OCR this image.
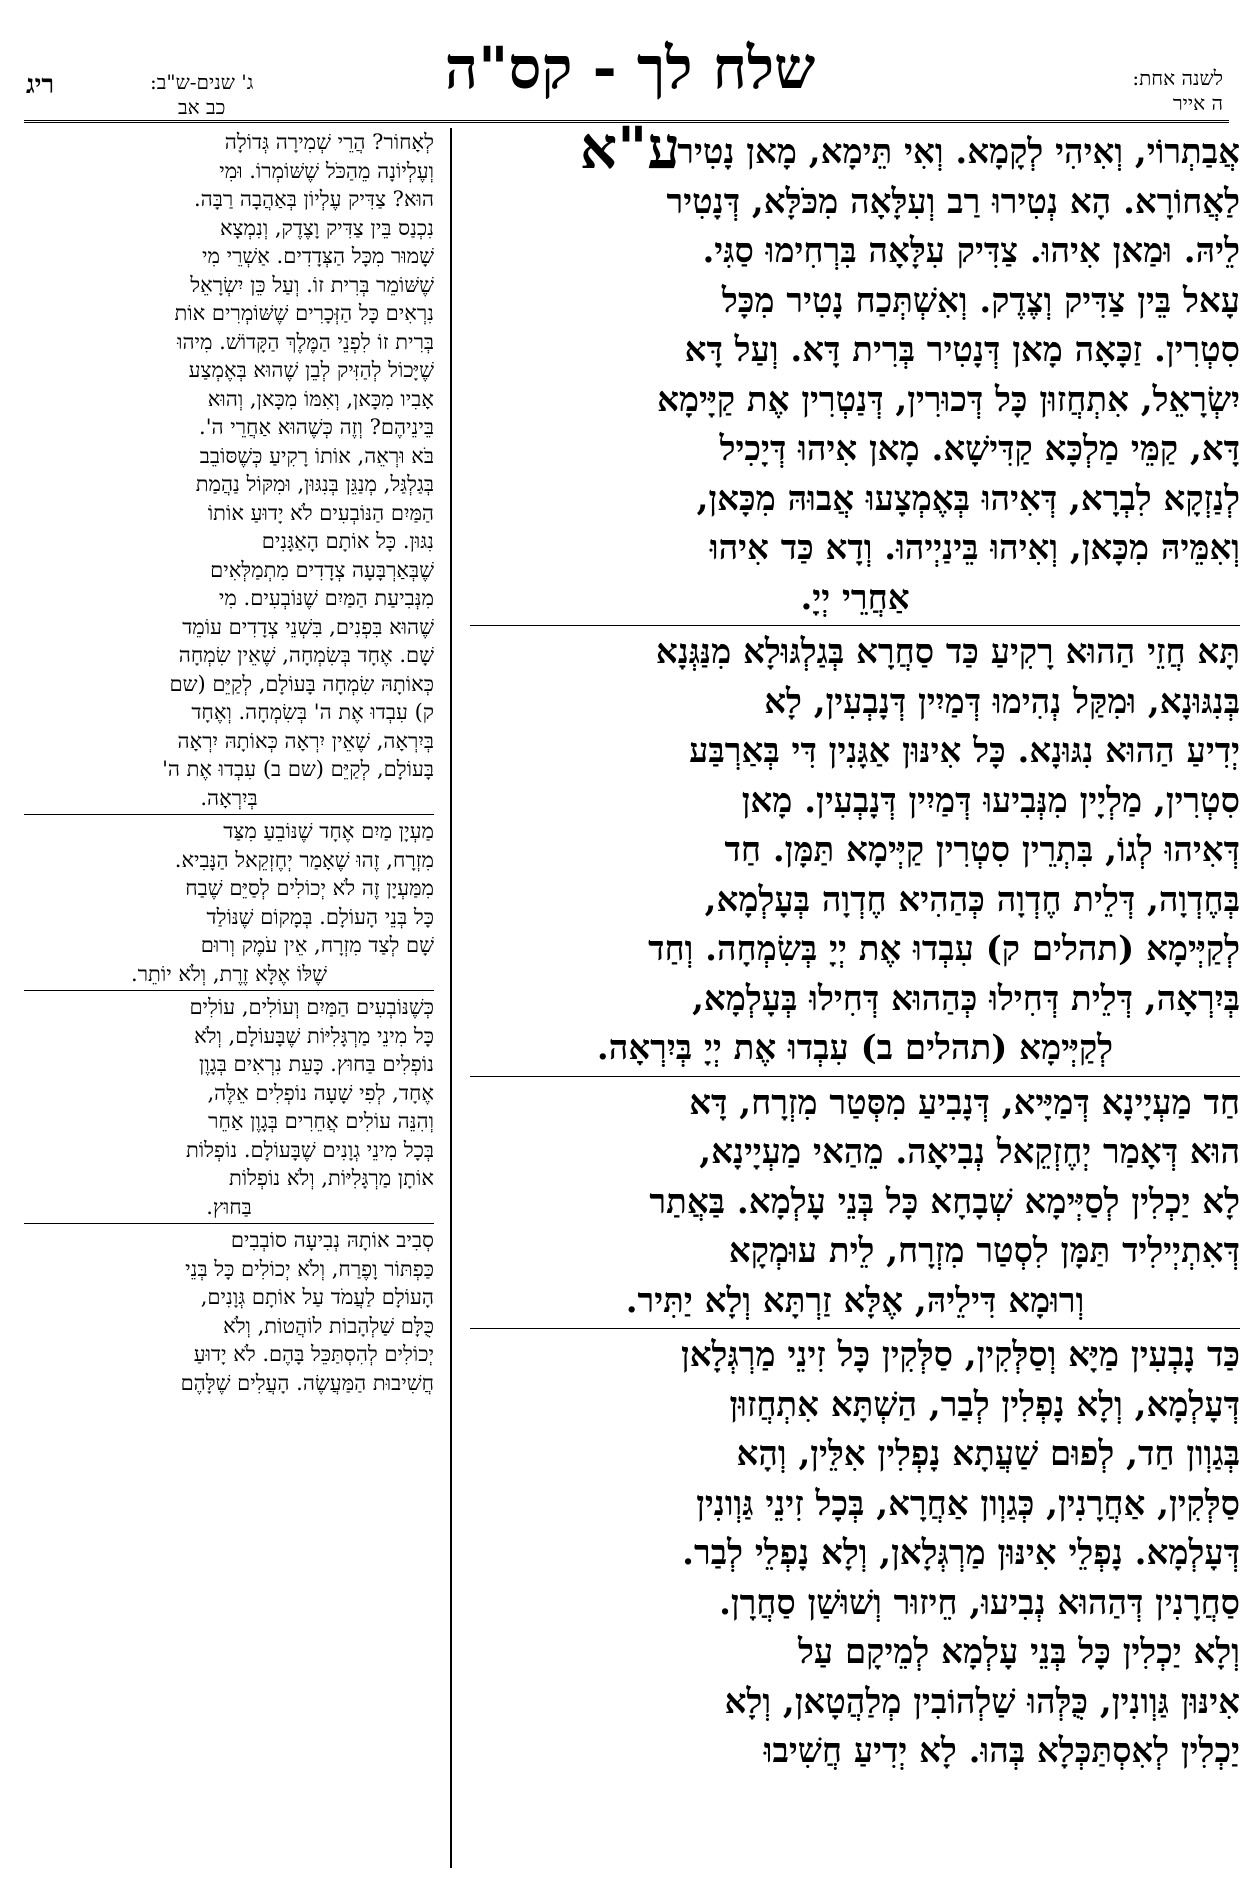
שלח לך - קס"ה ע"א
לשנה אחת:
ה אייר
ג' שנים-ש"ב:
כב אב
ריג
אֲבַתְרוֹי, וְאִיהִי לְקָמָא. וְאִי תֵּימָא, מָאן נָטִיר
לַאֲחוֹרָא. הָא נְטִירוּ רַב וְעִלָּאָה מִכֹּלָּא, דְּנָטִיר
לֵיהּ. וּמַאן אִיהוּ. צַדִּיק עִלָּאָה בִּרְחִימוּ סַגִּי.
עָאל בֵּין צַדִּיק וְצֶדֶק. וְאִשְׁתְּכַח נָטִיר מִכָּל
סִטְרִין. זַכָּאָה מָאן דְּנָטִיר בְּרִית דָּא. וְעַל דָּא
יִשְׂרָאֵל, אִתְחֲזוּן כָּל דְּכוּרִין, דְּנַטְרִין אֶת קַיָּימָא
דָּא, קַמֵּי מַלְכָּא קַדִּישָׁא. מָאן אִיהוּ דְּיָכִיל
לְנַזְקָא לִבְרָא, דְּאִיהוּ בְּאֶמְצָעוּ אֲבוּהּ מִכָּאן,
וְאִמֵּיהּ מִכָּאן, וְאִיהוּ בֵּינַיְיהוּ. וְדָא כַּד אִיהוּ
אַחֲרֵי יְיָ.
תָּא חֲזֵי הַהוּא רָקִיעַ כַּד סַחֲרָא בְּגַלְגּוּלָא מִנַּגְּנָא
בְּנִגּוּנָא, וּמִקַּל נְהִימוּ דְּמַיִין דְּנָבְעִין, לָא
יְדִיעַ הַהוּא נִגּוּנָא. כָּל אִינּוּן אַגָּנִין דִּי בְּאַרְבַּע
סִטְרִין, מַלְיָין מִנְּבִיעוּ דְּמַיִין דְּנָבְעִין. מָאן
דְּאִיהוּ לְגוֹ, בִּתְרֵין סִטְרִין קַיְּימָא תַּמָּן. חַד
בְּחֶדְוָה, דְּלֵית חֶדְוָה כְּהַהִיא חֶדְוָה בְּעָלְמָא,
לְקַיְּימָא (תהלים ק) עִבְדוּ אֶת יְיָ בְּשִׂמְחָה. וְחַד
בְּיִרְאָה, דְּלֵית דְּחִילוּ כְּהַהוּא דְּחִילוּ בְּעָלְמָא,
לְקַיְּימָא (תהלים ב) עִבְדוּ אֶת יְיָ בְּיִרְאָה.
חַד מַעְיָינָא דְּמַיָּיא, דְּנָבִיעַ מִסְּטַר מִזְרָח, דָּא
הוּא דְּאָמַר יְחֶזְקֵאל נְבִיאָה. מֵהַאי מַעְיָינָא,
לָא יַכְלִין לְסַיְּימָא שְׁבָחָא כָּל בְּנֵי עָלְמָא. בַּאֲתַר
דְּאִתְיְילִיד תַּמָּן לִסְטַר מִזְרָח, לֵית עוּמְקָא
וְרוּמָא דִּילֵיהּ, אֶלָּא זַרְתָּא וְלָא יַתִּיר.
כַּד נָבְעִין מַיָּא וְסַלְּקִין, סַלְּקִין כָּל זִינֵי מַרְגְּלָאן
דְּעָלְמָא, וְלָא נָפְלִין לְבַר, הַשְׁתָּא אִתְחֲזוּן
בְּגַוְון חַד, לְפוּם שַׁעֲתָא נָפְלִין אִלֵּין, וְהָא
סַלְּקִין, אַחֲרָנִין, כְּגַוְון אַחֲרָא, בְּכָל זִינֵי גַּוְונִין
דְּעָלְמָא. נָפְלֵי אִינּוּן מַרְגְּלָאן, וְלָא נָפְלֵי לְבַר.
סַחֲרָנִין דְּהַהוּא נְבִיעוּ, חֵיזוּר וְשׁוּשַׁן סַחֲרָן.
וְלָא יַכְלִין כָּל בְּנֵי עָלְמָא לְמֵיקָם עַל
אִינּוּן גַּוְונִין, כֻּלְּהוּ שַׁלְהוֹבִין מְלַהֲטָאן, וְלָא
יַכְלִין לְאִסְתַּכְּלָא בְּהוּ. לָא יְדִיעַ חֲשִׁיבוּ
לְאָחוֹר? הֲרֵי שְׁמִירָה גְּדוֹלָה
וְעֶלְיוֹנָה מֵהַכֹּל שֶׁשּׁוֹמְרוֹ. וּמִי
הוּא? צַדִּיק עֶלְיוֹן בְּאַהֲבָה רַבָּה.
נִכְנַס בֵּין צַדִּיק וָצֶדֶק, וְנִמְצָא
שָׁמוּר מִכָּל הַצְּדָדִים. אַשְׁרֵי מִי
שֶׁשּׁוֹמֵר בְּרִית זוֹ. וְעַל כֵּן יִשְׂרָאֵל
נִרְאִים כָּל הַזְּכָרִים שֶׁשּׁוֹמְרִים אוֹת
בְּרִית זוֹ לִפְנֵי הַמֶּלֶךְ הַקָּדוֹשׁ. מִיהוּ
שֶׁיָּכוֹל לְהַזִּיק לְבֵן שֶׁהוּא בְּאֶמְצַע
אָבִיו מִכָּאן, וְאִמּוֹ מִכָּאן, וְהוּא
בֵּינֵיהֶם? וְזֶה כְּשֶׁהוּא אַחֲרֵי ה'.
בֹּא וּרְאֵה, אוֹתוֹ רָקִיעַ כְּשֶׁסּוֹבֵב
בְּגַלְגַּל, מְנַגֵּן בְּנִגּוּן, וּמִקּוֹל נַהֲמַת
הַמַּיִם הַנּוֹבְעִים לֹא יָדוּעַ אוֹתוֹ
נִגּוּן. כָּל אוֹתָם הָאַגָּנִים
שֶׁבְּאַרְבָּעָה צְדָדִים מִתְמַלְּאִים
מִנְּבִיעַת הַמַּיִם שֶׁנּוֹבְעִים. מִי
שֶׁהוּא בִּפְנִים, בִּשְׁנֵי צְדָדִים עוֹמֵד
שָׁם. אֶחָד בְּשִׂמְחָה, שֶׁאֵין שִׂמְחָה
כְּאוֹתָהּ שִׂמְחָה בָּעוֹלָם, לְקַיֵּם (שם
ק) עִבְדוּ אֶת ה' בְּשִׂמְחָה. וְאֶחָד
בְּיִרְאָה, שֶׁאֵין יִרְאָה כְּאוֹתָהּ יִרְאָה
בָּעוֹלָם, לְקַיֵּם (שם ב) עִבְדוּ אֶת ה'
בְּיִרְאָה.
מַעְיָן מַיִם אֶחָד שֶׁנּוֹבֵעַ מִצַּד
מִזְרָח, זֶהוּ שֶׁאָמַר יְחֶזְקֵאל הַנָּבִיא.
מִמַּעְיָן זֶה לֹא יְכוֹלִים לְסַיֵּם שֶׁבַח
כָּל בְּנֵי הָעוֹלָם. בְּמָקוֹם שֶׁנּוֹלַד
שָׁם לְצַד מִזְרָח, אֵין עֹמֶק וְרוּם
שֶׁלּוֹ אֶלָּא זֶרֶת, וְלֹא יוֹתֵר.
כְּשֶׁנּוֹבְעִים הַמַּיִם וְעוֹלִים, עוֹלִים
כָּל מִינֵי מַרְגָּלִיּוֹת שֶׁבָּעוֹלָם, וְלֹא
נוֹפְלִים בַּחוּץ. כָּעֵת נִרְאִים בְּגָוֶן
אֶחָד, לְפִי שָׁעָה נוֹפְלִים אֵלֶּה,
וְהִנֵּה עוֹלִים אֲחֵרִים בְּגָוֶן אַחֵר
בְּכָל מִינֵי גְוָנִים שֶׁבָּעוֹלָם. נוֹפְלוֹת
אוֹתָן מַרְגָּלִיּוֹת, וְלֹא נוֹפְלוֹת
בַּחוּץ.
סְבִיב אוֹתָהּ נְבִיעָה סוֹבְבִים
כַּפְתּוֹר וָפֶרַח, וְלֹא יְכוֹלִים כָּל בְּנֵי
הָעוֹלָם לַעֲמֹד עַל אוֹתָם גְּוָנִים,
כֻּלָּם שַׁלְהָבוֹת לוֹהֲטוֹת, וְלֹא
יְכוֹלִים לְהִסְתַּכֵּל בָּהֶם. לֹא יָדוּעַ
חֲשִׁיבוּת הַמַּעֲשֶׂה. הָעֲלִים שֶׁלָּהֶם
